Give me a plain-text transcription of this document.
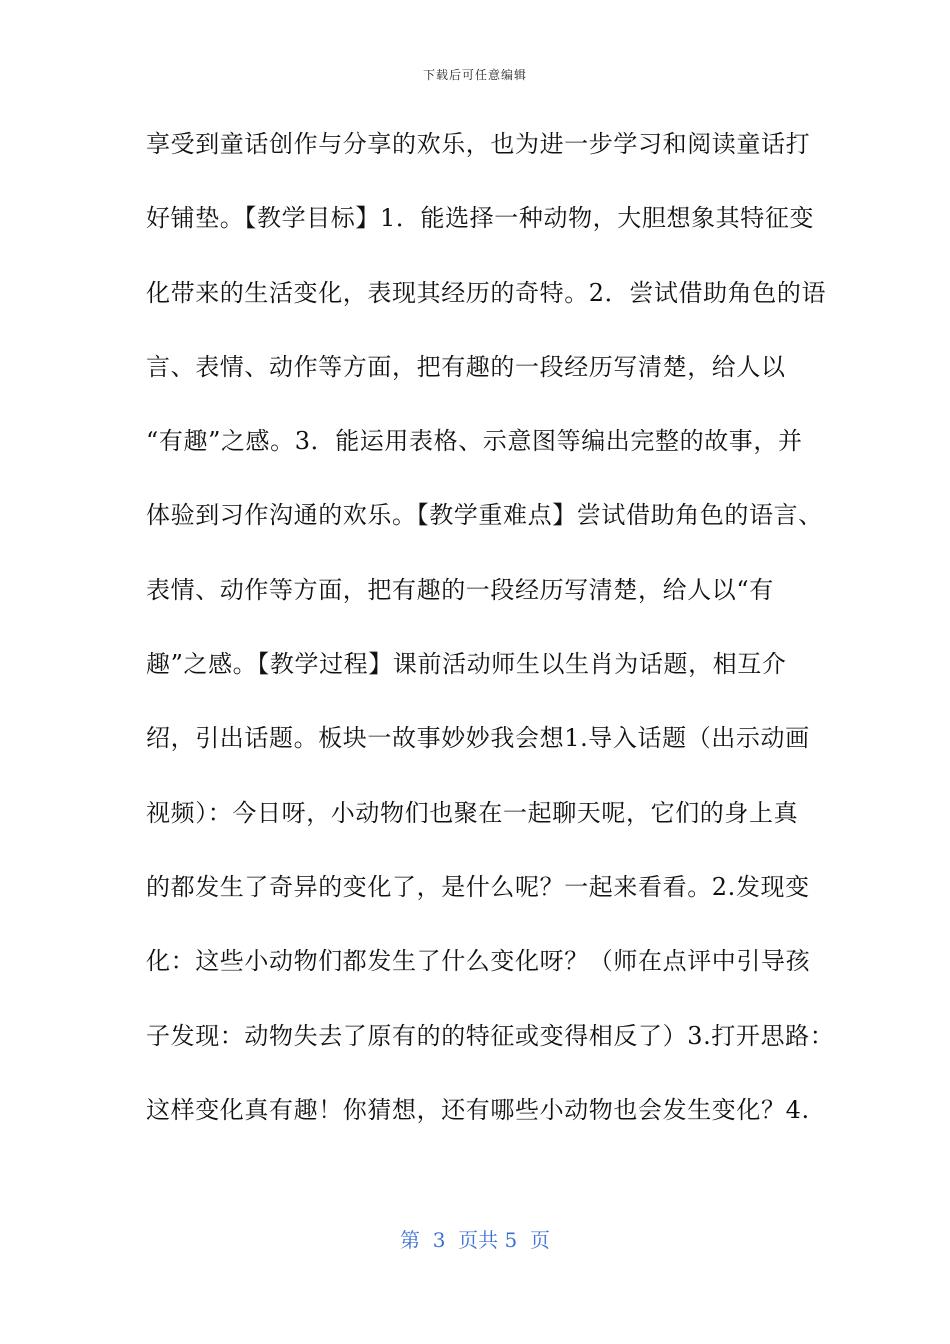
下载后可任意编辑
享受到童话创作与分享的欢乐，也为进一步学习和阅读童话打
好铺垫。【教学目标】1．能选择一种动物，大胆想象其特征变
化带来的生活变化，表现其经历的奇特。2．尝试借助角色的语
言、表情、动作等方面，把有趣的一段经历写清楚，给人以
“有趣”之感。3．能运用表格、示意图等编出完整的故事，并
体验到习作沟通的欢乐。【教学重难点】尝试借助角色的语言、
表情、动作等方面，把有趣的一段经历写清楚，给人以“有
趣”之感。【教学过程】课前活动师生以生肖为话题，相互介
绍，引出话题。板块一故事妙妙我会想1.导入话题（出示动画
视频）：今日呀，小动物们也聚在一起聊天呢，它们的身上真
的都发生了奇异的变化了，是什么呢？一起来看看。2.发现变
化：这些小动物们都发生了什么变化呀？（师在点评中引导孩
子发现：动物失去了原有的的特征或变得相反了）3.打开思路：
这样变化真有趣！你猜想，还有哪些小动物也会发生变化？4.
第  3  页共 5  页
